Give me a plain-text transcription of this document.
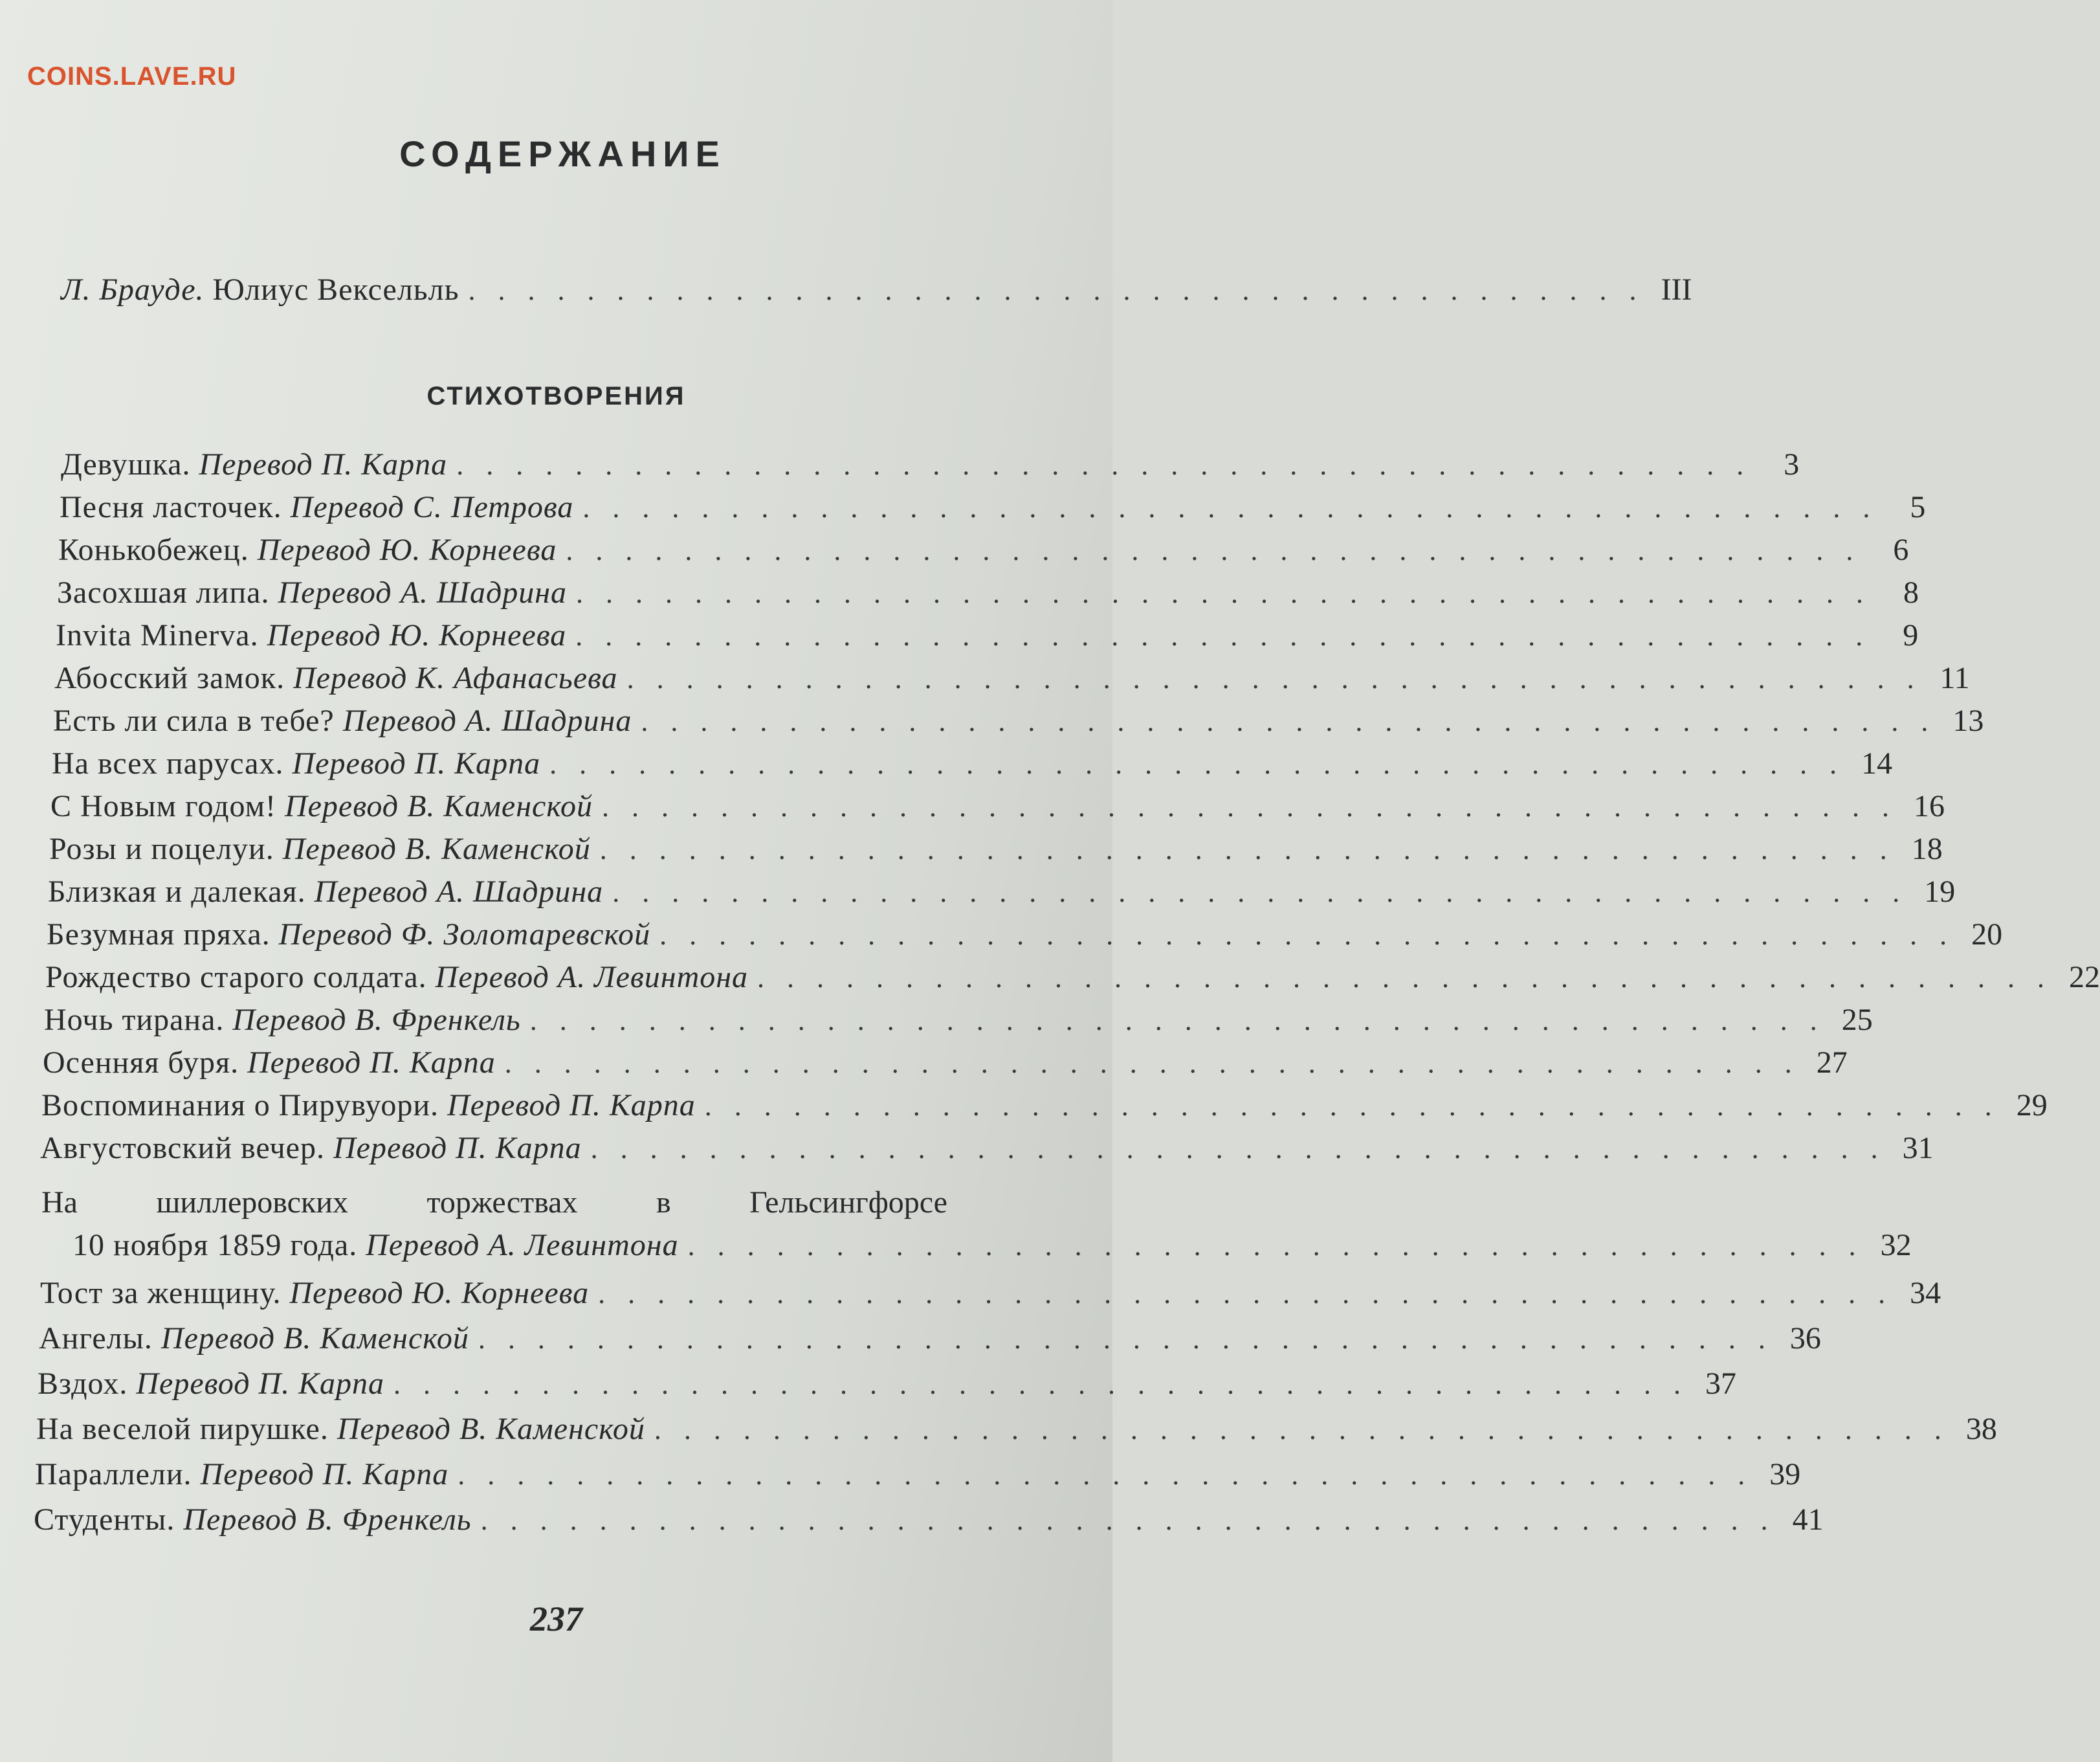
COINS.LAVE.RU
СОДЕРЖАНИЕ
Л. Брауде. Юлиус Вексельль . . . . . . . . . . . . . . . . . . . . . . . . . . . . . . . . . . . . . . . . III
СТИХОТВОРЕНИЯ
Девушка. Перевод П. Карпа . . . . . . . . . . . . . . . . . . . . . . . . . . . . . . . . . . . . . . . . . . . .	3
Песня ласточек. Перевод С. Петрова . . . . . . . . . . . . . . . . . . . . . . . . . . . . . . . . . . . . . . . . . . . .	5
Конькобежец. Перевод Ю. Корнеева . . . . . . . . . . . . . . . . . . . . . . . . . . . . . . . . . . . . . . . . . . . .	6
Засохшая липа. Перевод А. Шадрина . . . . . . . . . . . . . . . . . . . . . . . . . . . . . . . . . . . . . . . . . . . .	8
Invita Minerva. Перевод Ю. Корнеева . . . . . . . . . . . . . . . . . . . . . . . . . . . . . . . . . . . . . . . . . . . .	9
Абосский замок. Перевод К. Афанасьева . . . . . . . . . . . . . . . . . . . . . . . . . . . . . . . . . . . . . . . . . . . . 11
Есть ли сила в тебе? Перевод А. Шадрина . . . . . . . . . . . . . . . . . . . . . . . . . . . . . . . . . . . . . . . . . . . . 13
На всех парусах. Перевод П. Карпа . . . . . . . . . . . . . . . . . . . . . . . . . . . . . . . . . . . . . . . . . . . . 14
С Новым годом! Перевод В. Каменской . . . . . . . . . . . . . . . . . . . . . . . . . . . . . . . . . . . . . . . . . . . . 16
Розы и поцелуи. Перевод В. Каменской . . . . . . . . . . . . . . . . . . . . . . . . . . . . . . . . . . . . . . . . . . . . 18
Близкая и далекая. Перевод А. Шадрина . . . . . . . . . . . . . . . . . . . . . . . . . . . . . . . . . . . . . . . . . . . . 19
Безумная пряха. Перевод Ф. Золотаревской . . . . . . . . . . . . . . . . . . . . . . . . . . . . . . . . . . . . . . . . . . . . 20
Рождество старого солдата. Перевод А. Левинтона . . . . . . . . . . . . . . . . . . . . . . . . . . . . . . . . . . . . . . . . . . . . 22
Ночь тирана. Перевод В. Френкель . . . . . . . . . . . . . . . . . . . . . . . . . . . . . . . . . . . . . . . . . . . . 25
Осенняя буря. Перевод П. Карпа . . . . . . . . . . . . . . . . . . . . . . . . . . . . . . . . . . . . . . . . . . . . 27
Воспоминания о Пирувуори. Перевод П. Карпа . . . . . . . . . . . . . . . . . . . . . . . . . . . . . . . . . . . . . . . . . . . . 29
Августовский вечер. Перевод П. Карпа . . . . . . . . . . . . . . . . . . . . . . . . . . . . . . . . . . . . . . . . . . . . 31
На	шиллеровских	торжествах	в	Гельсингфорсе
10 ноября 1859 года. Перевод А. Левинтона . . . . . . . . . . . . . . . . . . . . . . . . . . . . . . . . . . . . . . . . 32
Тост за женщину. Перевод Ю. Корнеева . . . . . . . . . . . . . . . . . . . . . . . . . . . . . . . . . . . . . . . . . . . . 34
Ангелы. Перевод В. Каменской . . . . . . . . . . . . . . . . . . . . . . . . . . . . . . . . . . . . . . . . . . . . 36
Вздох. Перевод П. Карпа . . . . . . . . . . . . . . . . . . . . . . . . . . . . . . . . . . . . . . . . . . . . 37
На веселой пирушке. Перевод В. Каменской . . . . . . . . . . . . . . . . . . . . . . . . . . . . . . . . . . . . . . . . . . . . 38
Параллели. Перевод П. Карпа . . . . . . . . . . . . . . . . . . . . . . . . . . . . . . . . . . . . . . . . . . . . 39
Студенты. Перевод В. Френкель . . . . . . . . . . . . . . . . . . . . . . . . . . . . . . . . . . . . . . . . . . . . 41
237
